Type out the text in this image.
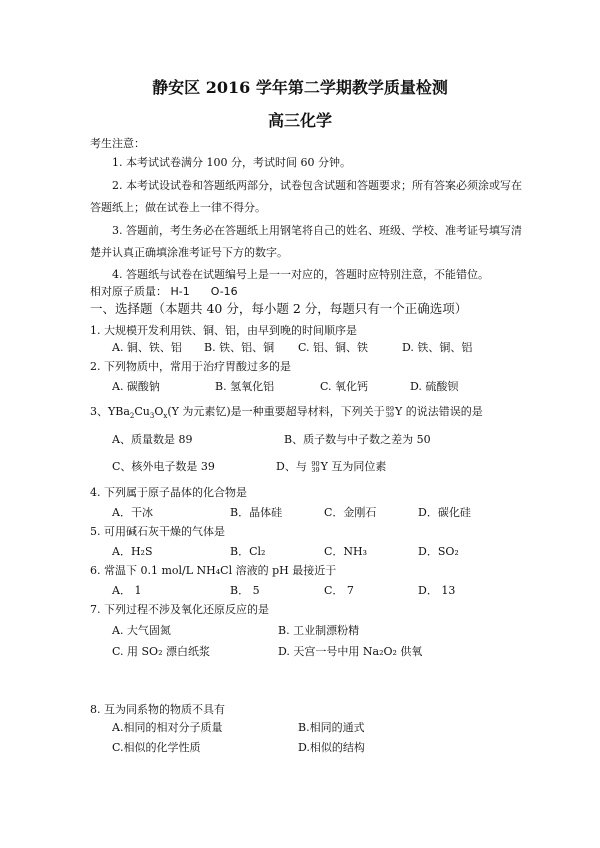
静安区 2016 学年第二学期教学质量检测
高三化学
考生注意：
1. 本考试试卷满分 100 分，考试时间 60 分钟。
2. 本考试设试卷和答题纸两部分，试卷包含试题和答题要求；所有答案必须涂或写在
答题纸上；做在试卷上一律不得分。
3. 答题前，考生务必在答题纸上用钢笔将自己的姓名、班级、学校、准考证号填写清
楚并认真正确填涂准考证号下方的数字。
4. 答题纸与试卷在试题编号上是一一对应的，答题时应特别注意，不能错位。
相对原子质量： H-1 O-16
一、选择题（本题共 40 分，每小题 2 分，每题只有一个正确选项）
1. 大规模开发利用铁、铜、铝，由早到晚的时间顺序是
A. 铜、铁、铝 B. 铁、铝、铜 C. 铝、铜、铁	D. 铁、铜、铝
2. 下列物质中，常用于治疗胃酸过多的是
A. 碳酸钠	B. 氢氧化铝	C. 氧化钙	D. 硫酸钡
3、$YBa_2Cu_3O_x(Y$ 为元素钇)是一种重要超导材料，下列关于 89
39 Y 的说法错误的是
A、质量数是 89	B、质子数与中子数之差为 50
C、核外电子数是 39	D、与 90
39 Y 互为同位素
4. 下列属于原子晶体的化合物是
A．干冰	B．晶体硅	C．金刚石	D．碳化硅
5. 可用碱石灰干燥的气体是
A．H₂S	B．Cl₂	C．NH₃	D．SO₂
6. 常温下 0.1 mol/L NH₄Cl 溶液的 pH 最接近于
A． 1	B． 5	C． 7	D． 13
7. 下列过程不涉及氧化还原反应的是
A. 大气固氮	B. 工业制漂粉精
C. 用 SO₂ 漂白纸浆	D. 天宫一号中用 Na₂O₂ 供氧
8. 互为同系物的物质不具有
A.相同的相对分子质量	B.相同的通式
C.相似的化学性质	D.相似的结构
